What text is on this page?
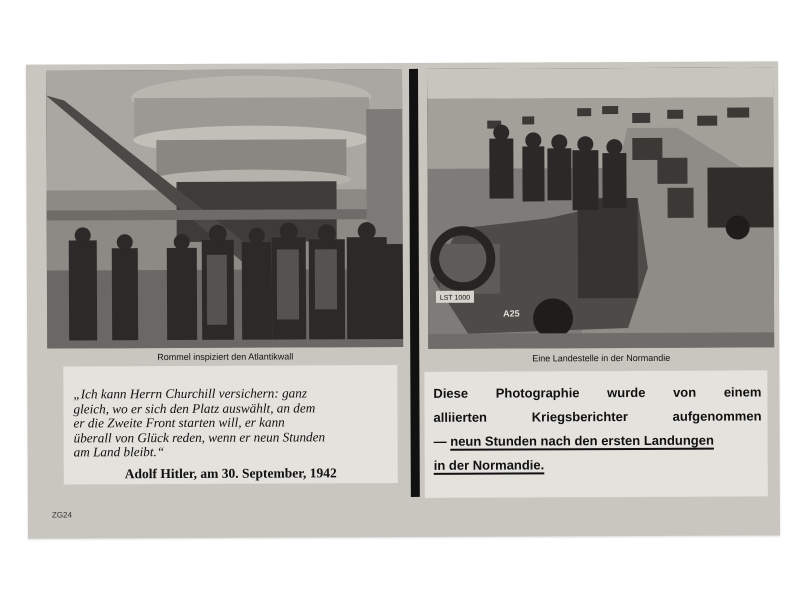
LST 1000
A25
Rommel inspiziert den Atlantikwall	Eine Landestelle in der Normandie
„Ich kann Herrn Churchill versichern: ganz
gleich, wo er sich den Platz auswählt, an dem
er die Zweite Front starten will, er kann
überall von Glück reden, wenn er neun Stunden
am Land bleibt.“
Adolf Hitler, am 30. September, 1942
Diese Photographie wurde von einem
alliierten	Kriegsberichter	aufgenommen
— neun Stunden nach den ersten Landungen
in der Normandie.
ZG24
